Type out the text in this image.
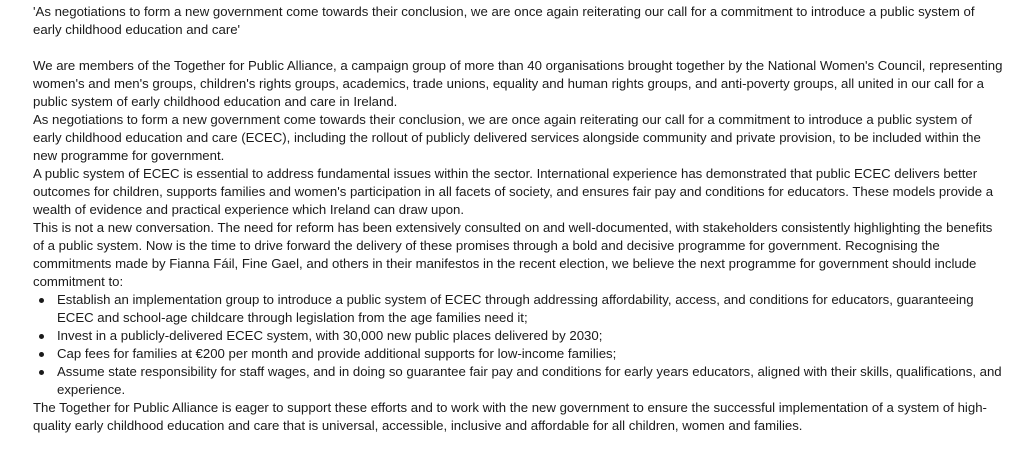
'As negotiations to form a new government come towards their conclusion, we are once again reiterating our call for a commitment to introduce a public system of early childhood education and care'

We are members of the Together for Public Alliance, a campaign group of more than 40 organisations brought together by the National Women's Council, representing women's and men's groups, children's rights groups, academics, trade unions, equality and human rights groups, and anti-poverty groups, all united in our call for a public system of early childhood education and care in Ireland.

As negotiations to form a new government come towards their conclusion, we are once again reiterating our call for a commitment to introduce a public system of early childhood education and care (ECEC), including the rollout of publicly delivered services alongside community and private provision, to be included within the new programme for government.

A public system of ECEC is essential to address fundamental issues within the sector. International experience has demonstrated that public ECEC delivers better outcomes for children, supports families and women's participation in all facets of society, and ensures fair pay and conditions for educators. These models provide a wealth of evidence and practical experience which Ireland can draw upon.

This is not a new conversation. The need for reform has been extensively consulted on and well-documented, with stakeholders consistently highlighting the benefits of a public system. Now is the time to drive forward the delivery of these promises through a bold and decisive programme for government. Recognising the commitments made by Fianna Fáil, Fine Gael, and others in their manifestos in the recent election, we believe the next programme for government should include commitment to:

Establish an implementation group to introduce a public system of ECEC through addressing affordability, access, and conditions for educators, guaranteeing ECEC and school-age childcare through legislation from the age families need it;
Invest in a publicly-delivered ECEC system, with 30,000 new public places delivered by 2030;
Cap fees for families at €200 per month and provide additional supports for low-income families;
Assume state responsibility for staff wages, and in doing so guarantee fair pay and conditions for early years educators, aligned with their skills, qualifications, and experience.

The Together for Public Alliance is eager to support these efforts and to work with the new government to ensure the successful implementation of a system of high-quality early childhood education and care that is universal, accessible, inclusive and affordable for all children, women and families.
